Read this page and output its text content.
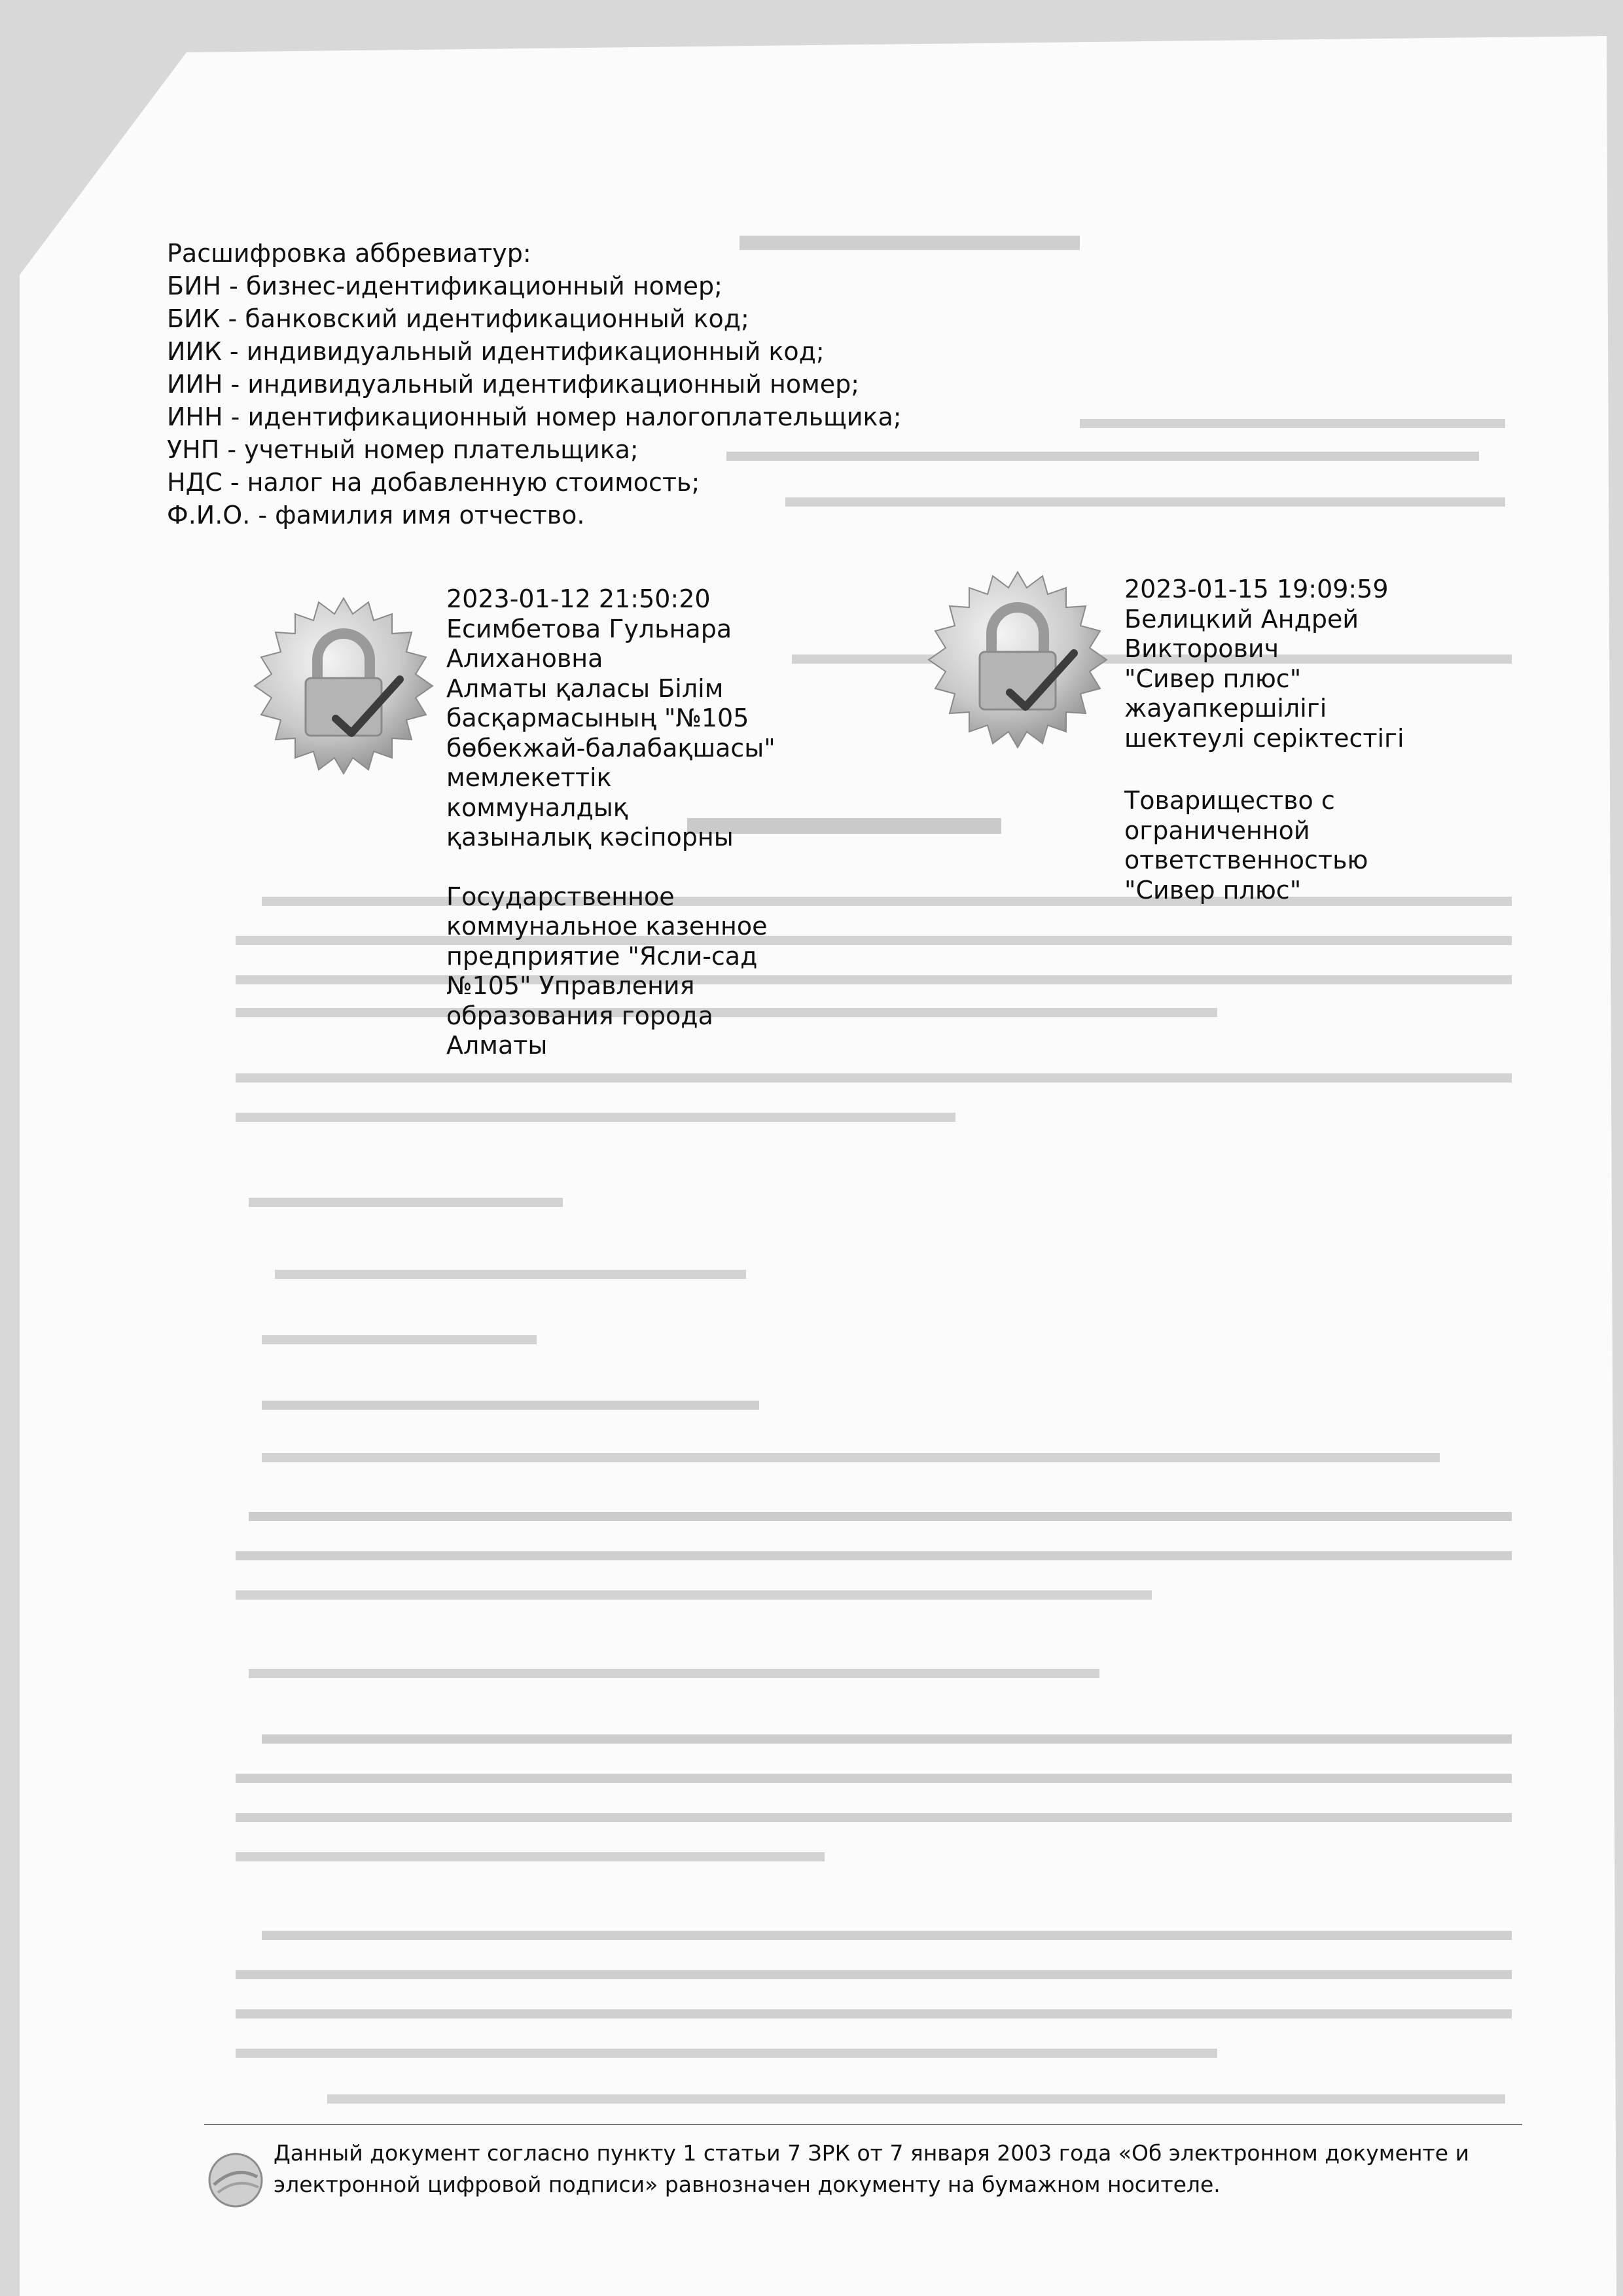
Расшифровка аббревиатур:
БИН - бизнес-идентификационный номер;
БИК - банковский идентификационный код;
ИИК - индивидуальный идентификационный код;
ИИН - индивидуальный идентификационный номер;
ИНН - идентификационный номер налогоплательщика;
УНП - учетный номер плательщика;
НДС - налог на добавленную стоимость;
Ф.И.О. - фамилия имя отчество.
2023-01-12 21:50:20
Есимбетова Гульнара
Алихановна
Алматы қаласы Білім
басқармасының "№105
бөбекжай-балабақшасы"
мемлекеттік
коммуналдық
қазыналық кәсіпорны
Государственное
коммунальное казенное
предприятие "Ясли-сад
№105" Управления
образования города
Алматы
2023-01-15 19:09:59
Белицкий Андрей
Викторович
"Сивер плюс"
жауапкершілігі
шектеулі серіктестігі
Товарищество с
ограниченной
ответственностью
"Сивер плюс"
Данный документ согласно пункту 1 статьи 7 ЗРК от 7 января 2003 года «Об электронном документе и
электронной цифровой подписи» равнозначен документу на бумажном носителе.
